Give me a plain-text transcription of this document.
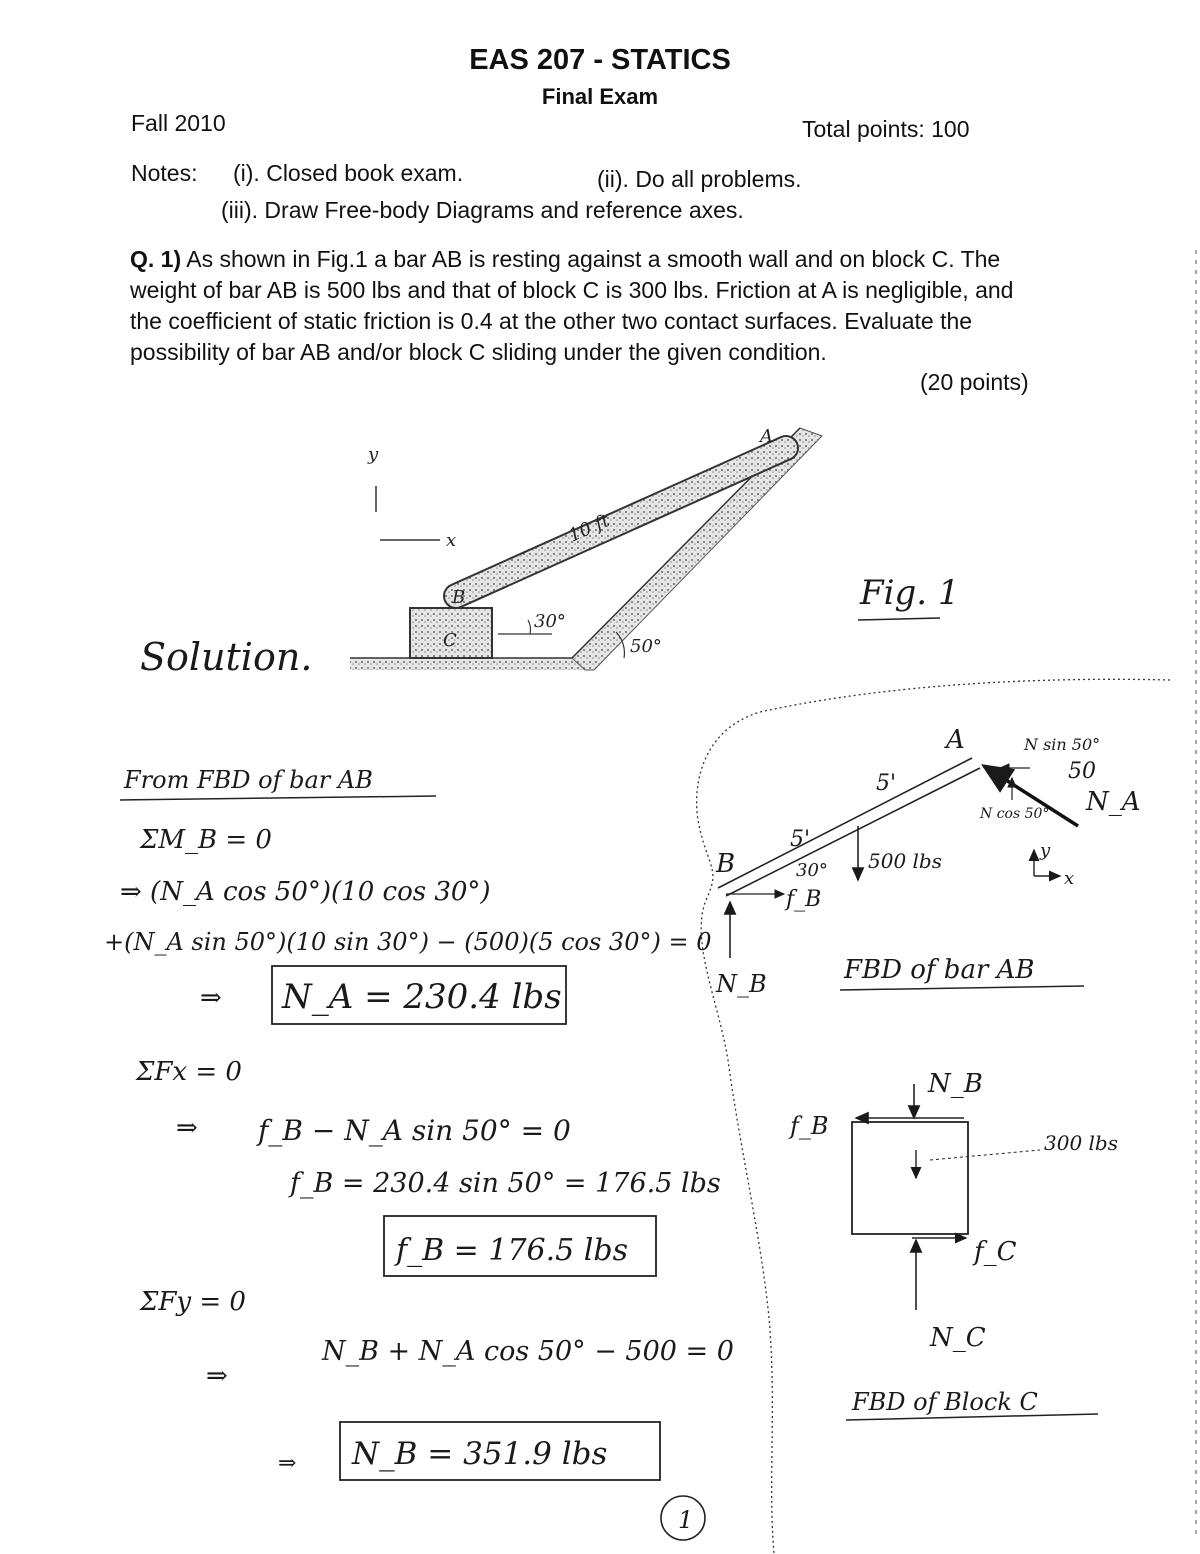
EAS 207 - STATICS
Final Exam
Fall 2010	Total points: 100
Notes: (i). Closed book exam.	(ii). Do all problems.
(iii). Draw Free-body Diagrams and reference axes.
Q. 1) As shown in Fig.1 a bar AB is resting against a smooth wall and on block C. The weight of bar AB is 500 lbs and that of block C is 300 lbs. Friction at A is negligible, and the coefficient of static friction is 0.4 at the other two contact surfaces. Evaluate the possibility of bar AB and/or block C sliding under the given condition.
(20 points)
y
x
C
B
A
10 ft
30°
50°
Fig. 1
Solution.
From FBD of bar AB
ΣM_B = 0
⇒ (N_A cos 50°)(10 cos 30°)
+(N_A sin 50°)(10 sin 30°) − (500)(5 cos 30°) = 0
⇒ N_A = 230.4 lbs
ΣFx = 0
⇒ f_B − N_A sin 50° = 0
f_B = 230.4 sin 50° = 176.5 lbs
f_B = 176.5 lbs
ΣFy = 0
⇒
N_B + N_A cos 50° − 500 = 0
⇒ N_B = 351.9 lbs
B
A
5'
5'
500 lbs
f_B
30°
N_B
N_A
N sin 50°
N cos 50°
50
y
x
FBD of bar AB
N_B
f_B
300 lbs
f_C
N_C
FBD of Block C
1
